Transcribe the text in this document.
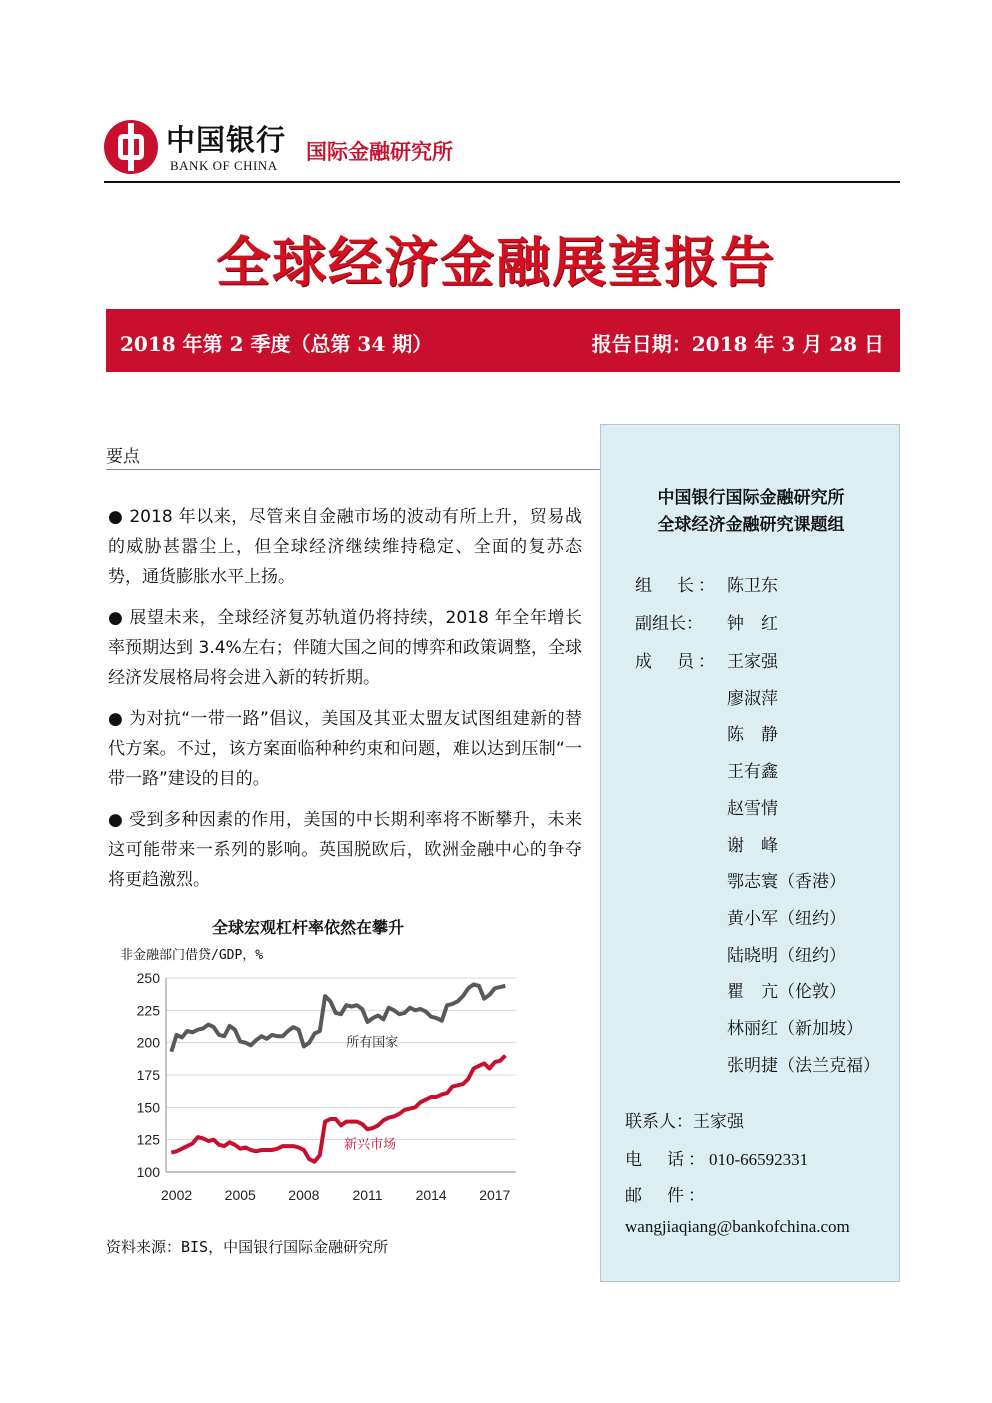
中国银行
BANK OF CHINA
国际金融研究所
全球经济金融展望报告
2018 年第 2 季度（总第 34 期）	报告日期：2018 年 3 月 28 日
要点

● 2018 年以来，尽管来自金融市场的波动有所上升，贸易战的威胁甚嚣尘上，但全球经济继续维持稳定、全面的复苏态势，通货膨胀水平上扬。

● 展望未来，全球经济复苏轨道仍将持续，2018 年全年增长率预期达到 3.4%左右；伴随大国之间的博弈和政策调整，全球经济发展格局将会进入新的转折期。

● 为对抗“一带一路”倡议，美国及其亚太盟友试图组建新的替代方案。不过，该方案面临种种约束和问题，难以达到压制“一带一路”建设的目的。

● 受到多种因素的作用，美国的中长期利率将不断攀升，未来这可能带来一系列的影响。英国脱欧后，欧洲金融中心的争夺将更趋激烈。

全球宏观杠杆率依然在攀升
非金融部门借贷/GDP，%
250
225
200
175
150
125
100
2002 2005 2008 2011 2014 2017
所有国家
新兴市场
资料来源：BIS，中国银行国际金融研究所
中国银行国际金融研究所
全球经济金融研究课题组
组　长： 陈卫东
副组长： 钟　红
成　员： 王家强
廖淑萍
陈　静
王有鑫
赵雪情
谢　峰
鄂志寰（香港）
黄小军（纽约）
陆晓明（纽约）
瞿　亢（伦敦）
林丽红（新加坡）
张明捷（法兰克福）
联系人：王家强
电　话：010-66592331
邮　件：
wangjiaqiang@bankofchina.com
